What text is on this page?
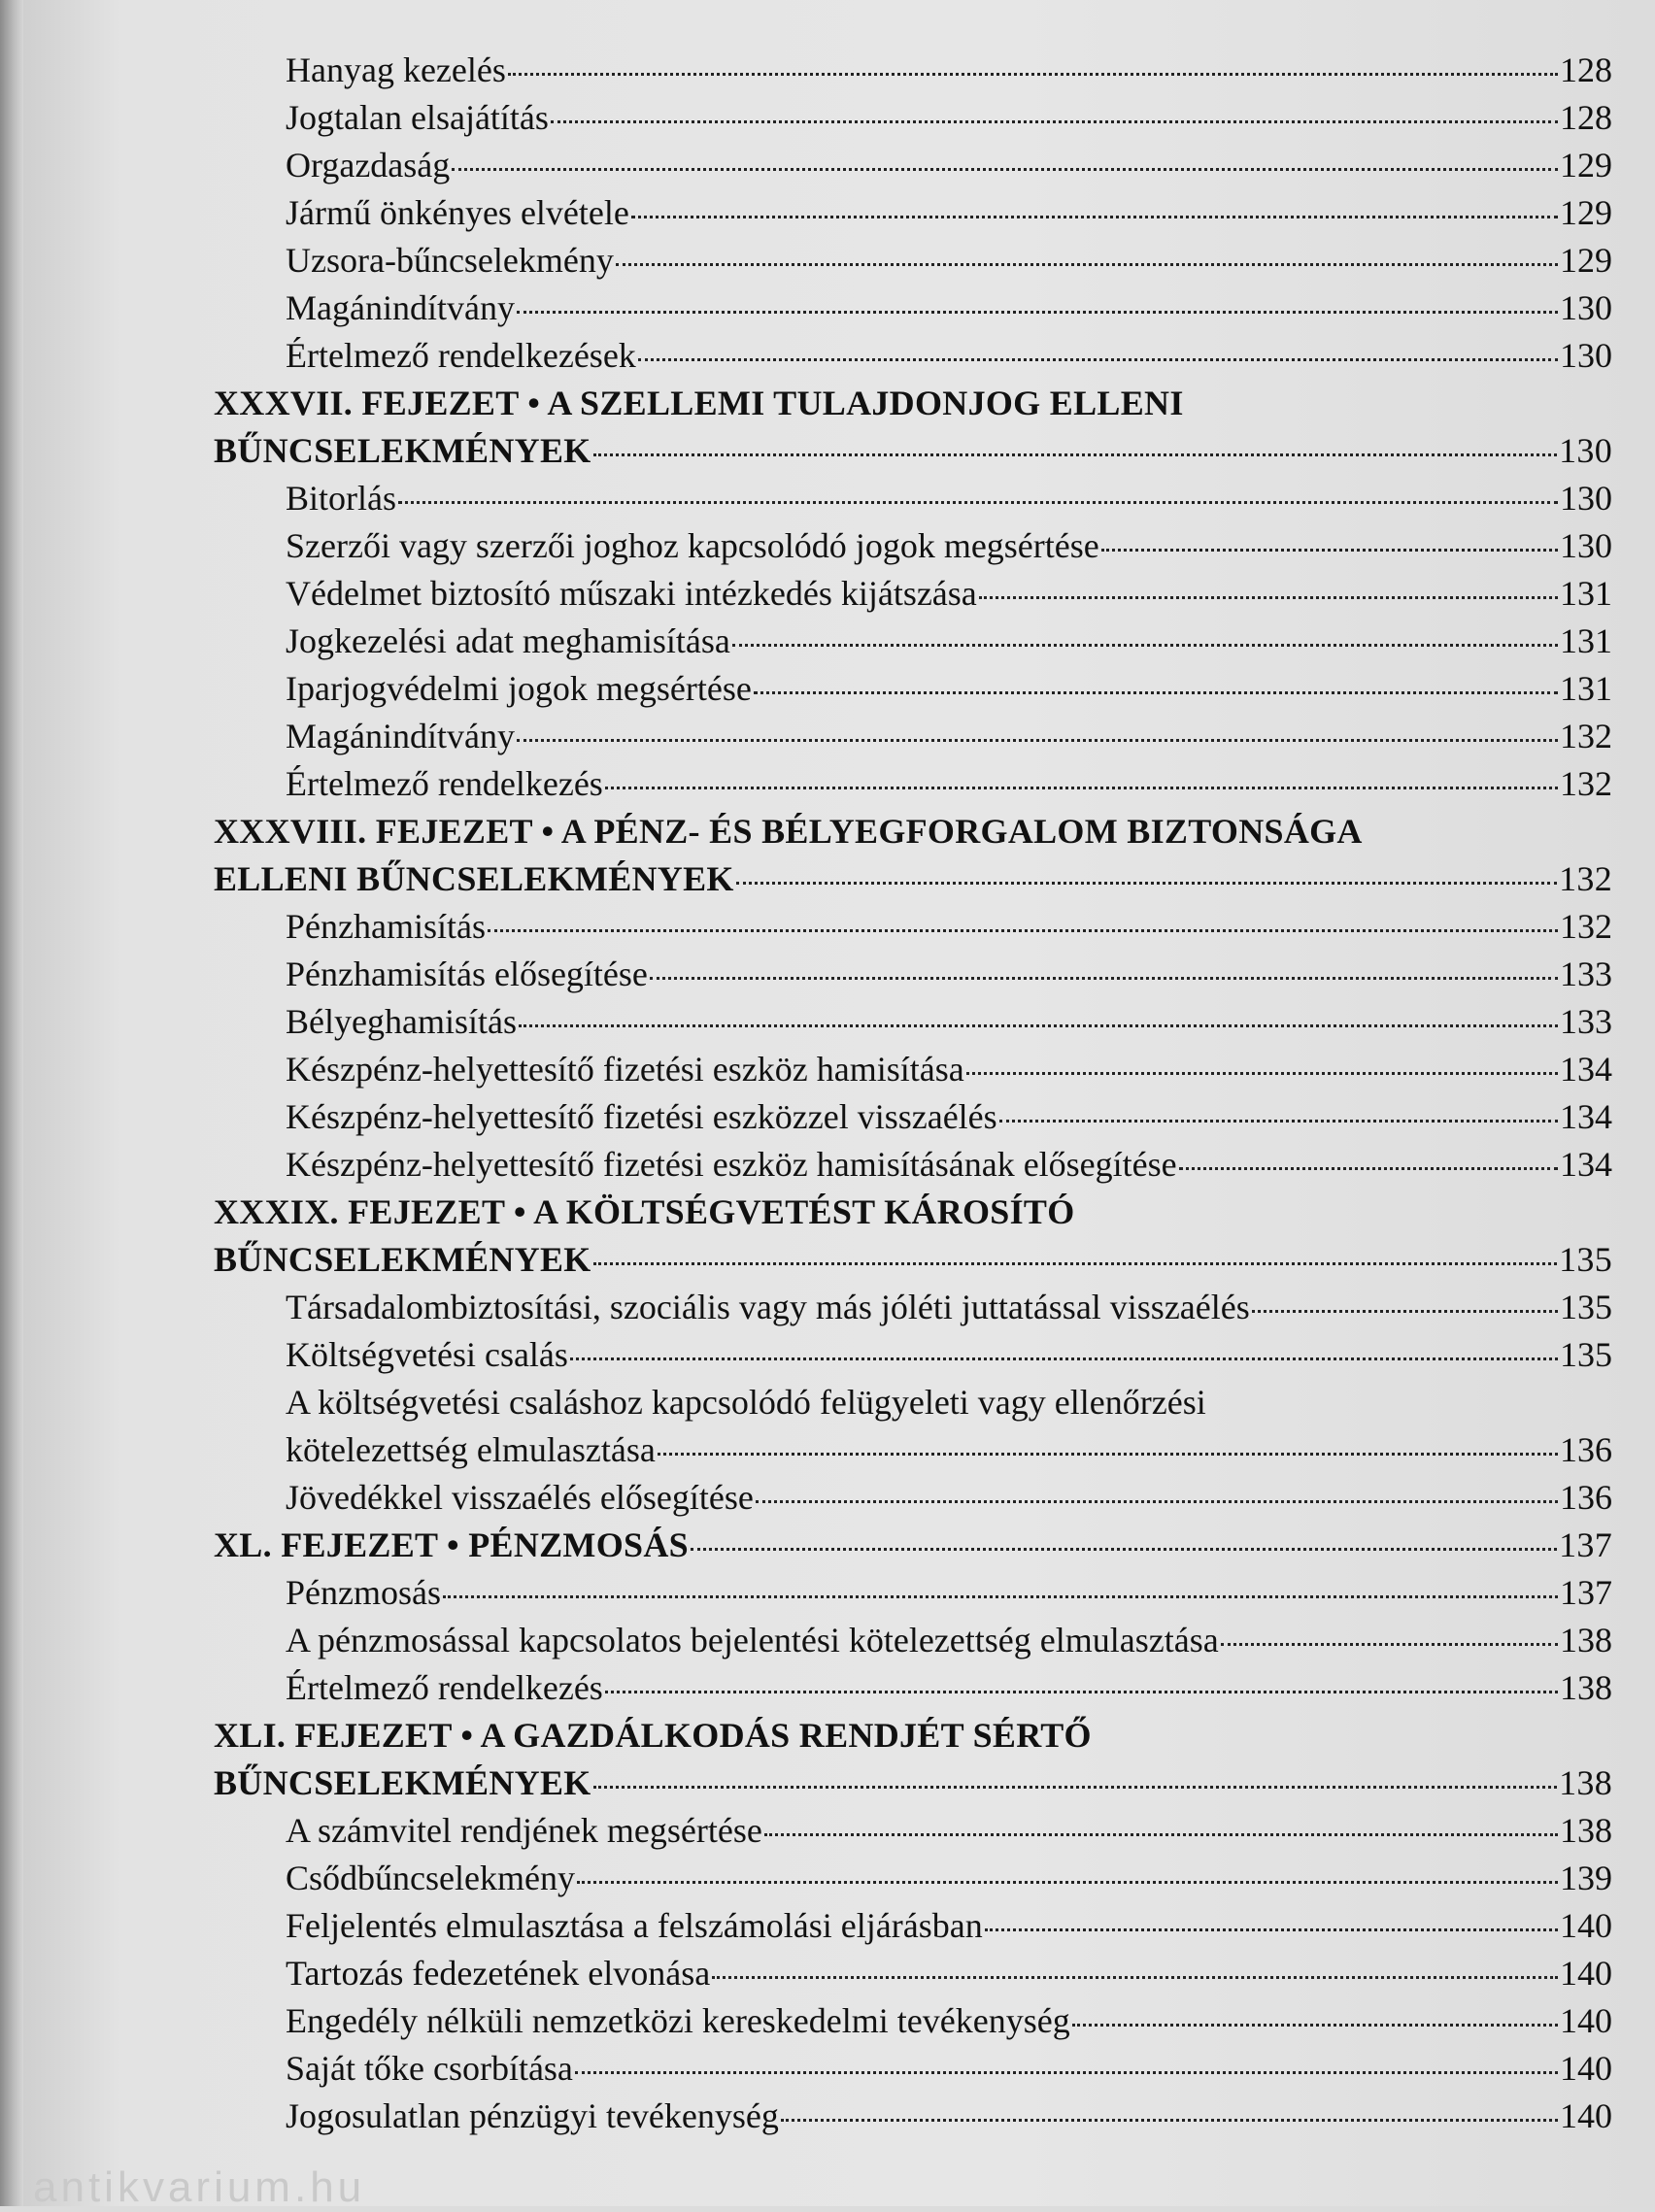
Hanyag kezelés	128
Jogtalan elsajátítás	128
Orgazdaság	129
Jármű önkényes elvétele	129
Uzsora-bűncselekmény	129
Magánindítvány	130
Értelmező rendelkezések	130
XXXVII. FEJEZET • A SZELLEMI TULAJDONJOG ELLENI
BŰNCSELEKMÉNYEK	130
Bitorlás	130
Szerzői vagy szerzői joghoz kapcsolódó jogok megsértése	130
Védelmet biztosító műszaki intézkedés kijátszása	131
Jogkezelési adat meghamisítása	131
Iparjogvédelmi jogok megsértése	131
Magánindítvány	132
Értelmező rendelkezés	132
XXXVIII. FEJEZET • A PÉNZ- ÉS BÉLYEGFORGALOM BIZTONSÁGA
ELLENI BŰNCSELEKMÉNYEK	132
Pénzhamisítás	132
Pénzhamisítás elősegítése	133
Bélyeghamisítás	133
Készpénz-helyettesítő fizetési eszköz hamisítása	134
Készpénz-helyettesítő fizetési eszközzel visszaélés	134
Készpénz-helyettesítő fizetési eszköz hamisításának elősegítése	134
XXXIX. FEJEZET • A KÖLTSÉGVETÉST KÁROSÍTÓ
BŰNCSELEKMÉNYEK	135
Társadalombiztosítási, szociális vagy más jóléti juttatással visszaélés	135
Költségvetési csalás	135
A költségvetési csaláshoz kapcsolódó felügyeleti vagy ellenőrzési
kötelezettség elmulasztása	136
Jövedékkel visszaélés elősegítése	136
XL. FEJEZET • PÉNZMOSÁS	137
Pénzmosás	137
A pénzmosással kapcsolatos bejelentési kötelezettség elmulasztása	138
Értelmező rendelkezés	138
XLI. FEJEZET • A GAZDÁLKODÁS RENDJÉT SÉRTŐ
BŰNCSELEKMÉNYEK	138
A számvitel rendjének megsértése	138
Csődbűncselekmény	139
Feljelentés elmulasztása a felszámolási eljárásban	140
Tartozás fedezetének elvonása	140
Engedély nélküli nemzetközi kereskedelmi tevékenység	140
Saját tőke csorbítása	140
Jogosulatlan pénzügyi tevékenység	140
antikvarium.hu
